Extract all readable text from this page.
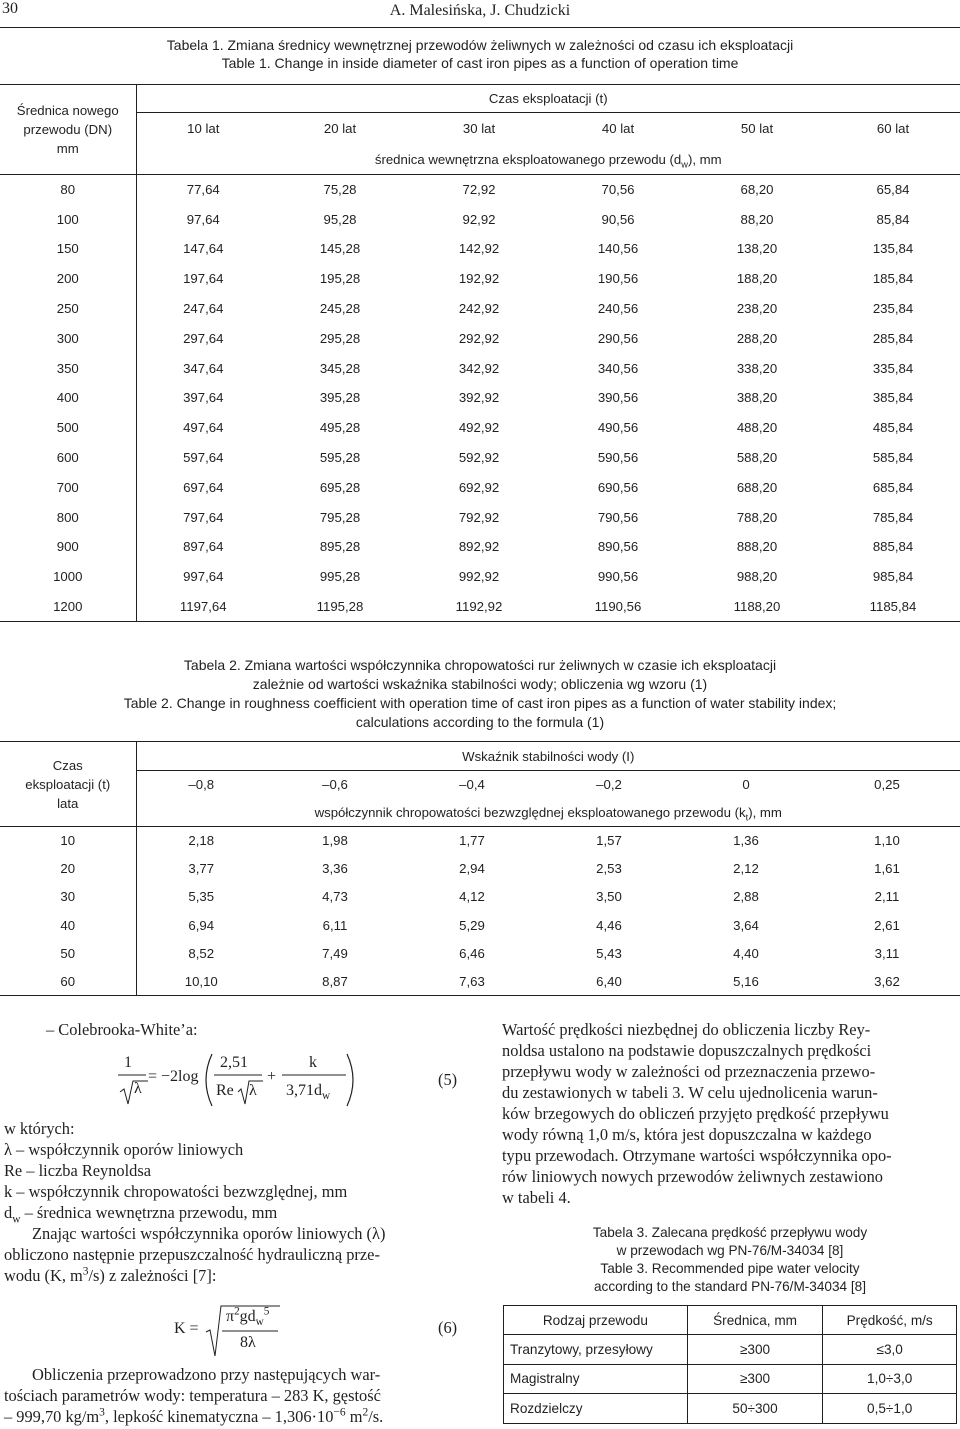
30	A. Malesińska, J. Chudzicki
Tabela 1. Zmiana średnicy wewnętrznej przewodów żeliwnych w zależności od czasu ich eksploatacji
Table 1. Change in inside diameter of cast iron pipes as a function of operation time
Średnica nowego
przewodu (DN)
mm	Czas eksploatacji (t)					
	10 lat	20 lat	30 lat	40 lat	50 lat	60 lat
	średnica wewnętrzna eksploatowanego przewodu $(d_w)$, mm					
80	77,64	75,28	72,92	70,56	68,20	65,84
100	97,64	95,28	92,92	90,56	88,20	85,84
150	147,64	145,28	142,92	140,56	138,20	135,84
200	197,64	195,28	192,92	190,56	188,20	185,84
250	247,64	245,28	242,92	240,56	238,20	235,84
300	297,64	295,28	292,92	290,56	288,20	285,84
350	347,64	345,28	342,92	340,56	338,20	335,84
400	397,64	395,28	392,92	390,56	388,20	385,84
500	497,64	495,28	492,92	490,56	488,20	485,84
600	597,64	595,28	592,92	590,56	588,20	585,84
700	697,64	695,28	692,92	690,56	688,20	685,84
800	797,64	795,28	792,92	790,56	788,20	785,84
900	897,64	895,28	892,92	890,56	888,20	885,84
1000	997,64	995,28	992,92	990,56	988,20	985,84
1200	1197,64	1195,28	1192,92	1190,56	1188,20	1185,84
Tabela 2. Zmiana wartości współczynnika chropowatości rur żeliwnych w czasie ich eksploatacji
zależnie od wartości wskaźnika stabilności wody; obliczenia wg wzoru (1)
Table 2. Change in roughness coefficient with operation time of cast iron pipes as a function of water stability index;
calculations according to the formula (1)
Czas
eksploatacji (t)
lata	Wskaźnik stabilności wody (I)					
	–0,8	–0,6	–0,4	–0,2	0	0,25
	współczynnik chropowatości bezwzględnej eksploatowanego przewodu $(k_t)$, mm					
10	2,18	1,98	1,77	1,57	1,36	1,10
20	3,77	3,36	2,94	2,53	2,12	1,61
30	5,35	4,73	4,12	3,50	2,88	2,11
40	6,94	6,11	5,29	4,46	3,64	2,61
50	8,52	7,49	6,46	5,43	4,40	3,11
60	10,10	8,87	7,63	6,40	5,16	3,62
– Colebrooka-White’a:
1
λ
= −2log
2,51
Re λ
+
k
$3,71d_w$
(5)
w których:
λ – współczynnik oporów liniowych
Re – liczba Reynoldsa
k – współczynnik chropowatości bezwzględnej, mm
$d_w$ – średnica wewnętrzna przewodu, mm
Znając wartości współczynnika oporów liniowych (λ)
obliczono następnie przepuszczalność hydrauliczną prze-
wodu (K, $m^3/s$) z zależności [7]:
K =
$\pi^2gd_w^5$
8λ
(6)
Obliczenia przeprowadzono przy następujących war-
tościach parametrów wody: temperatura – 283 K, gęstość
– 999,70 $kg/m^3$, lepkość kinematyczna – $1,306\cdot 10^{-6}$ $m^2/s$.
Wartość prędkości niezbędnej do obliczenia liczby Rey-
noldsa ustalono na podstawie dopuszczalnych prędkości
przepływu wody w zależności od przeznaczenia przewo-
du zestawionych w tabeli 3. W celu ujednolicenia warun-
ków brzegowych do obliczeń przyjęto prędkość przepływu
wody równą 1,0 m/s, która jest dopuszczalna w każdego
typu przewodach. Otrzymane wartości współczynnika opo-
rów liniowych nowych przewodów żeliwnych zestawiono
w tabeli 4.
Tabela 3. Zalecana prędkość przepływu wody
w przewodach wg PN-76/M-34034 [8]
Table 3. Recommended pipe water velocity
according to the standard PN-76/M-34034 [8]
Rodzaj przewodu	Średnica, mm	Prędkość, m/s
Tranzytowy, przesyłowy	≥300	≤3,0
Magistralny	≥300	1,0÷3,0
Rozdzielczy	50÷300	0,5÷1,0
